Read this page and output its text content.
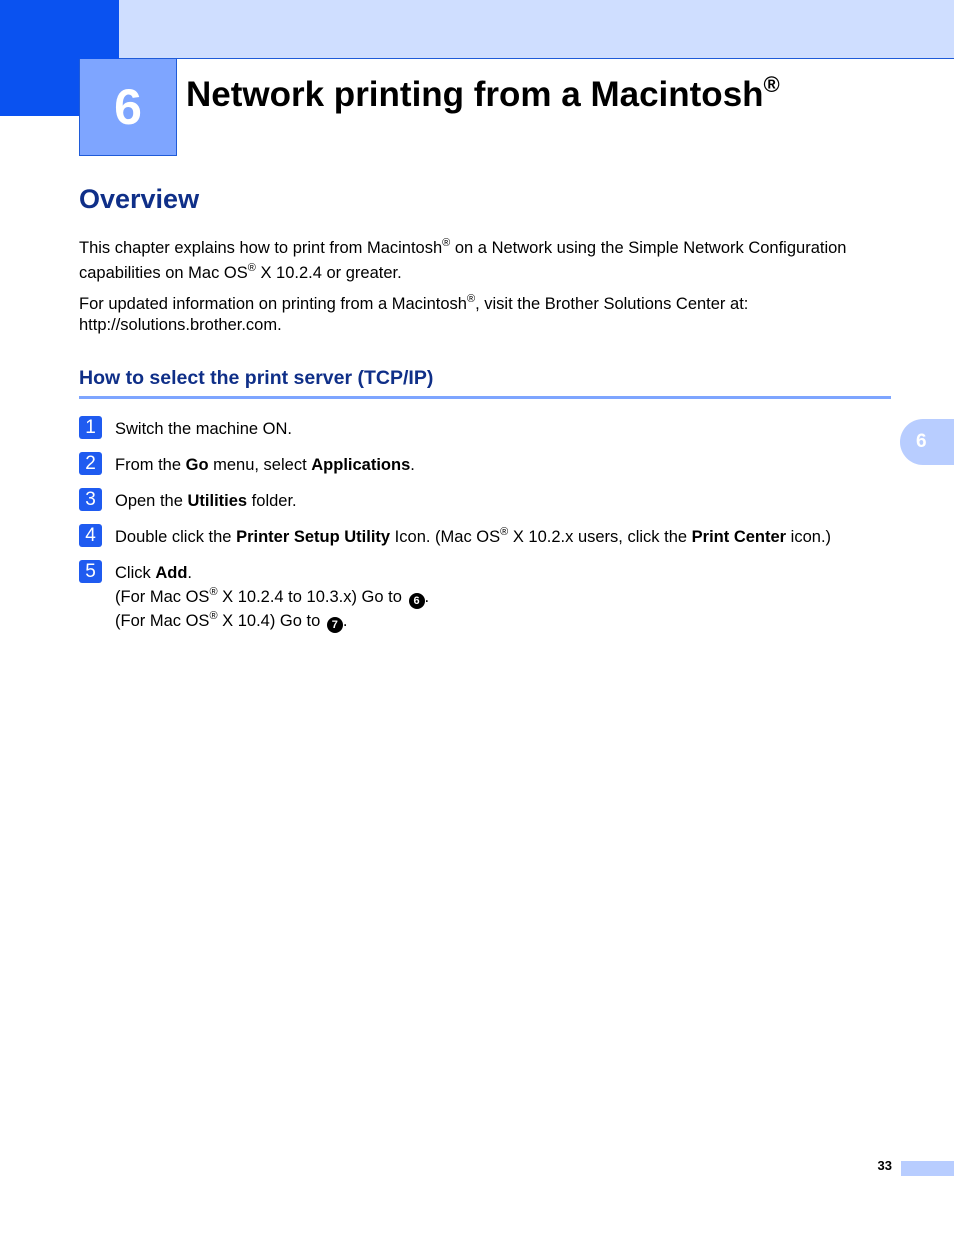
6	Network printing from a Macintosh®
Overview

This chapter explains how to print from Macintosh® on a Network using the Simple Network Configuration capabilities on Mac OS® X 10.2.4 or greater.

For updated information on printing from a Macintosh®, visit the Brother Solutions Center at:
http://solutions.brother.com.

How to select the print server (TCP/IP)
6
1	Switch the machine ON.
2	From the Go menu, select Applications.
3	Open the Utilities folder.
4	Double click the Printer Setup Utility Icon. (Mac OS® X 10.2.x users, click the Print Center icon.)
5	Click Add.
(For Mac OS® X 10.2.4 to 10.3.x) Go to 6 .
(For Mac OS® X 10.4) Go to 7 .
33
